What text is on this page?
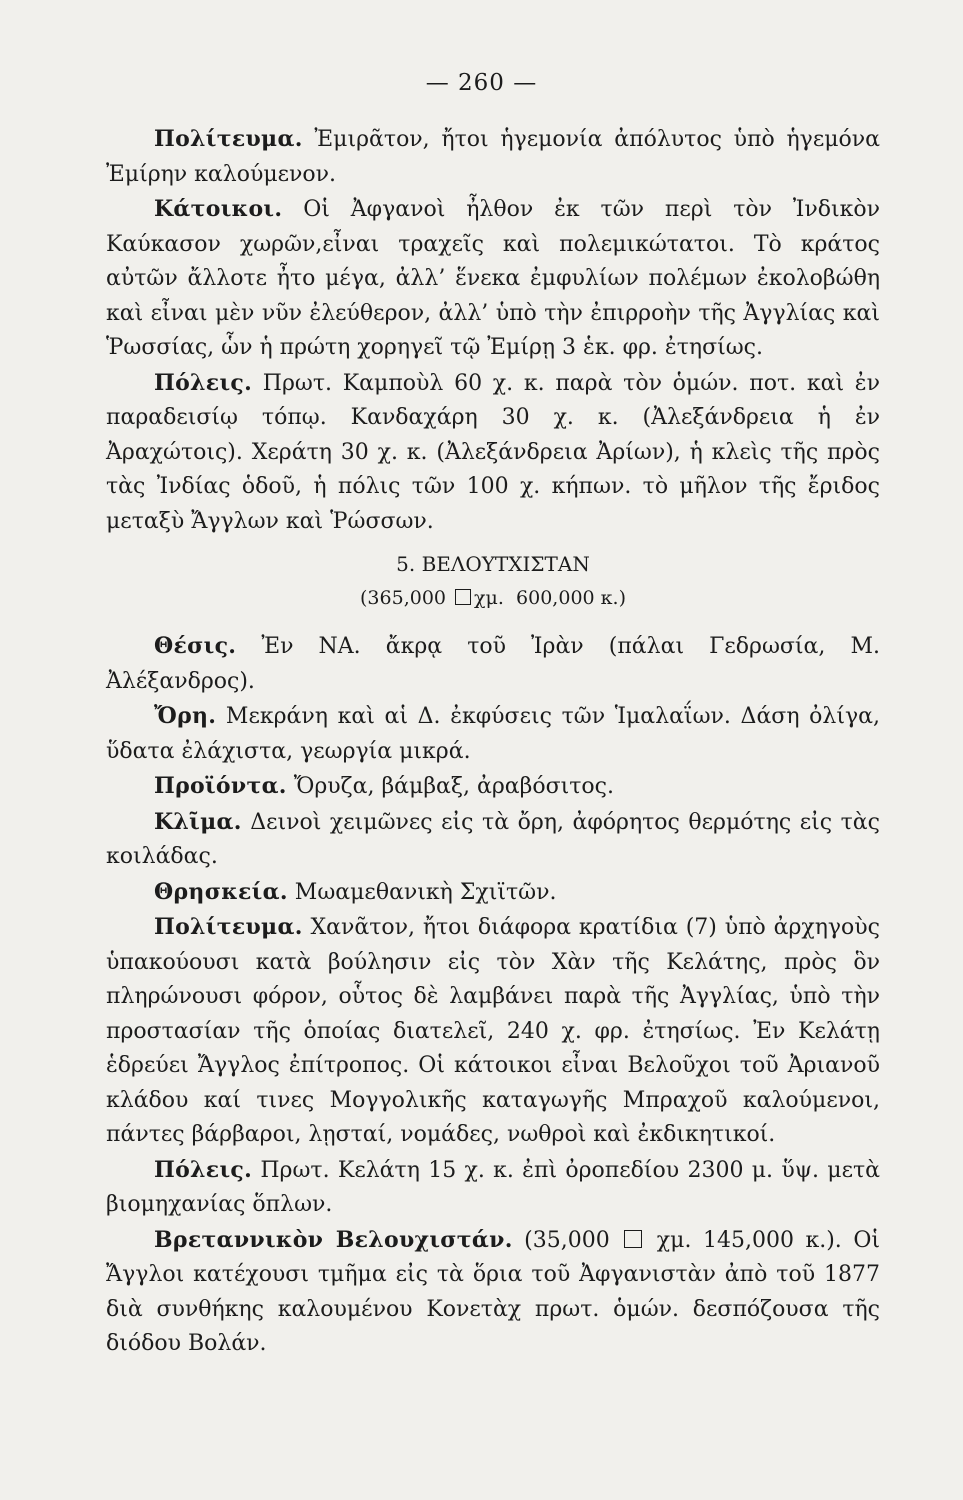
— 260 —

Πολίτευμα. Ἐμιρᾶτον, ἤτοι ἡγεμονία ἀπόλυτος ὑπὸ ἡγεμόνα Ἐμίρην καλούμενον.

Κάτοικοι. Οἱ Ἀφγανοὶ ἦλθον ἐκ τῶν περὶ τὸν Ἰνδικὸν Καύκασον χωρῶν,εἶναι τραχεῖς καὶ πολεμικώτατοι. Τὸ κράτος αὐτῶν ἄλλοτε ἦτο μέγα, ἀλλ’ ἕνεκα ἐμφυλίων πολέμων ἐκολοβώθη καὶ εἶναι μὲν νῦν ἐλεύθερον, ἀλλ’ ὑπὸ τὴν ἐπιρροὴν τῆς Ἀγγλίας καὶ Ῥωσσίας, ὧν ἡ πρώτη χορηγεῖ τῷ Ἐμίρῃ 3 ἑκ. φρ. ἐτησίως.

Πόλεις. Πρωτ. Καμποὺλ 60 χ. κ. παρὰ τὸν ὁμών. ποτ. καὶ ἐν παραδεισίῳ τόπῳ. Κανδαχάρη 30 χ. κ. (Ἀλεξάνδρεια ἡ ἐν Ἀραχώτοις). Χεράτη 30 χ. κ. (Ἀλεξάνδρεια Ἀρίων), ἡ κλεὶς τῆς πρὸς τὰς Ἰνδίας ὁδοῦ, ἡ πόλις τῶν 100 χ. κήπων. τὸ μῆλον τῆς ἔριδος μεταξὺ Ἄγγλων καὶ Ῥώσσων.

5. ΒΕΛΟΥΤΧΙΣΤΑΝ
(365,000 χμ. 600,000 κ.)

Θέσις. Ἐν ΝΑ. ἄκρᾳ τοῦ Ἰρὰν (πάλαι Γεδρωσία, Μ. Ἀλέξανδρος).

Ὄρη. Μεκράνη καὶ αἱ Δ. ἐκφύσεις τῶν Ἱμαλαΐων. Δάση ὀλίγα, ὕδατα ἐλάχιστα, γεωργία μικρά.

Προϊόντα. Ὄρυζα, βάμβαξ, ἀραβόσιτος.

Κλῖμα. Δεινοὶ χειμῶνες εἰς τὰ ὄρη, ἀφόρητος θερμότης εἰς τὰς κοιλάδας.

Θρησκεία. Μωαμεθανικὴ Σχιϊτῶν.

Πολίτευμα. Χανᾶτον, ἤτοι διάφορα κρατίδια (7) ὑπὸ ἀρχηγοὺς ὑπακούουσι κατὰ βούλησιν εἰς τὸν Χὰν τῆς Κελάτης, πρὸς ὃν πληρώνουσι φόρον, οὗτος δὲ λαμβάνει παρὰ τῆς Ἀγγλίας, ὑπὸ τὴν προστασίαν τῆς ὁποίας διατελεῖ, 240 χ. φρ. ἐτησίως. Ἐν Κελάτῃ ἑδρεύει Ἄγγλος ἐπίτροπος. Οἱ κάτοικοι εἶναι Βελοῦχοι τοῦ Ἀριανοῦ κλάδου καί τινες Μογγολικῆς καταγωγῆς Μπραχοῦ καλούμενοι, πάντες βάρβαροι, λῃσταί, νομάδες, νωθροὶ καὶ ἐκδικητικοί.

Πόλεις. Πρωτ. Κελάτη 15 χ. κ. ἐπὶ ὀροπεδίου 2300 μ. ὕψ. μετὰ βιομηχανίας ὅπλων.

Βρεταννικὸν Βελουχιστάν. (35,000  χμ. 145,000 κ.). Οἱ Ἄγγλοι κατέχουσι τμῆμα εἰς τὰ ὅρια τοῦ Ἀφγανιστὰν ἀπὸ τοῦ 1877 διὰ συνθήκης καλουμένου Κονετὰχ πρωτ. ὁμών. δεσπόζουσα τῆς διόδου Βολάν.
